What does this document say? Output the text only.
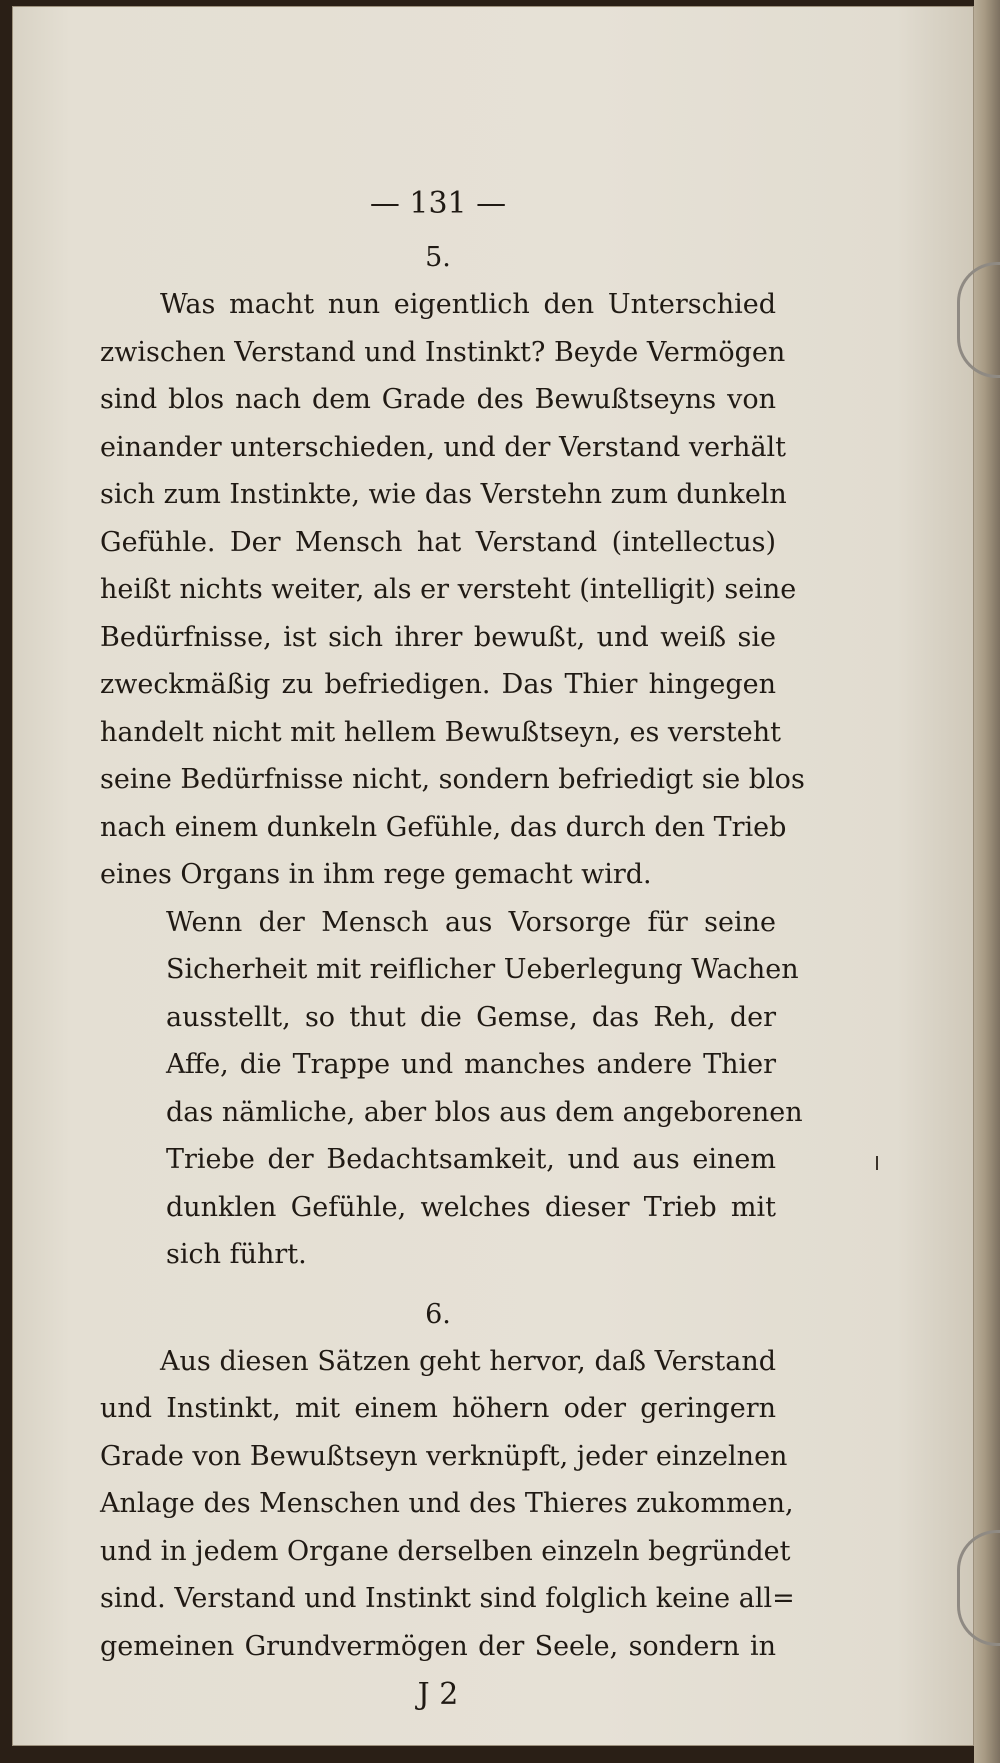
— 131 —
5.
Was macht nun eigentlich den Unterschied
zwischen Verstand und Instinkt? Beyde Vermögen
sind blos nach dem Grade des Bewußtseyns von
einander unterschieden, und der Verstand verhält
sich zum Instinkte, wie das Verstehn zum dunkeln
Gefühle. Der Mensch hat Verstand (intellectus)
heißt nichts weiter, als er versteht (intelligit) seine
Bedürfnisse, ist sich ihrer bewußt, und weiß sie
zweckmäßig zu befriedigen. Das Thier hingegen
handelt nicht mit hellem Bewußtseyn, es versteht
seine Bedürfnisse nicht, sondern befriedigt sie blos
nach einem dunkeln Gefühle, das durch den Trieb
eines Organs in ihm rege gemacht wird.
Wenn der Mensch aus Vorsorge für seine
Sicherheit mit reiflicher Ueberlegung Wachen
ausstellt, so thut die Gemse, das Reh, der
Affe, die Trappe und manches andere Thier
das nämliche, aber blos aus dem angeborenen
Triebe der Bedachtsamkeit, und aus einem
dunklen Gefühle, welches dieser Trieb mit
sich führt.
6.
Aus diesen Sätzen geht hervor, daß Verstand
und Instinkt, mit einem höhern oder geringern
Grade von Bewußtseyn verknüpft, jeder einzelnen
Anlage des Menschen und des Thieres zukommen,
und in jedem Organe derselben einzeln begründet
sind. Verstand und Instinkt sind folglich keine all=
gemeinen Grundvermögen der Seele, sondern in
J 2
